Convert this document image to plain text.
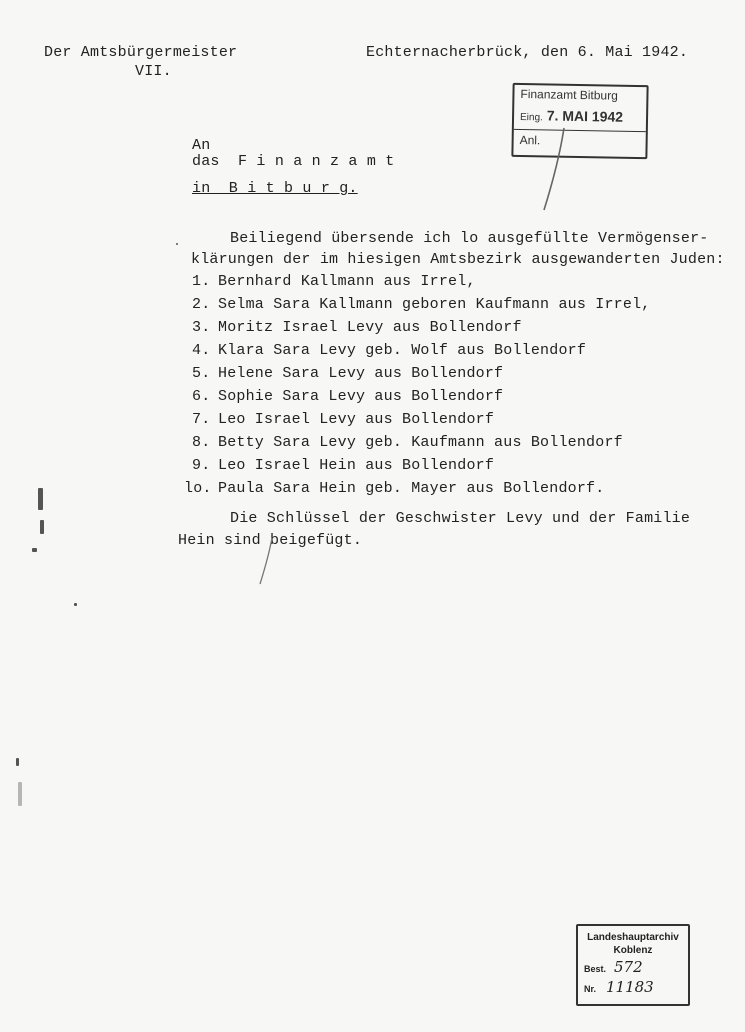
Der Amtsbürgermeister
VII.
Echternacherbrück, den 6. Mai 1942.
Finanzamt Bitburg
Eing. 7. MAI 1942
Anl.
An
das  F i n a n z a m t
in  B i t b u r g.
Beiliegend übersende ich lo ausgefüllte Vermögenser-
klärungen der im hiesigen Amtsbezirk ausgewanderten Juden:
1. Bernhard Kallmann aus Irrel,
2. Selma Sara Kallmann geboren Kaufmann aus Irrel,
3. Moritz Israel Levy aus Bollendorf
4. Klara Sara Levy geb. Wolf aus Bollendorf
5. Helene Sara Levy aus Bollendorf
6. Sophie Sara Levy aus Bollendorf
7. Leo Israel Levy aus Bollendorf
8. Betty Sara Levy geb. Kaufmann aus Bollendorf
9. Leo Israel Hein aus Bollendorf
lo. Paula Sara Hein geb. Mayer aus Bollendorf.
Die Schlüssel der Geschwister Levy und der Familie
Hein sind beigefügt.
Landeshauptarchiv
Koblenz
Best. 572
Nr. 11183
